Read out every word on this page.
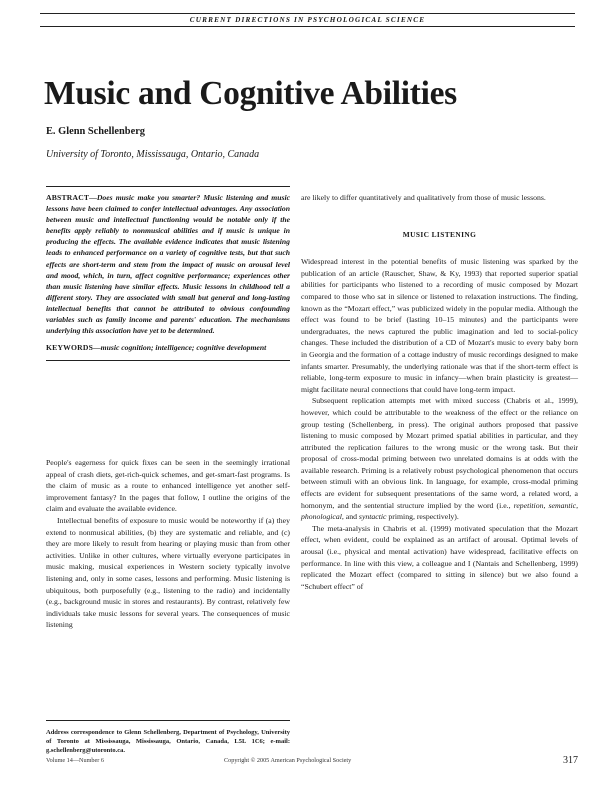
CURRENT DIRECTIONS IN PSYCHOLOGICAL SCIENCE
Music and Cognitive Abilities
E. Glenn Schellenberg
University of Toronto, Mississauga, Ontario, Canada

ABSTRACT—Does music make you smarter? Music listening and music lessons have been claimed to confer intellectual advantages. Any association between music and intellectual functioning would be notable only if the benefits apply reliably to nonmusical abilities and if music is unique in producing the effects. The available evidence indicates that music listening leads to enhanced performance on a variety of cognitive tests, but that such effects are short-term and stem from the impact of music on arousal level and mood, which, in turn, affect cognitive performance; experiences other than music listening have similar effects. Music lessons in childhood tell a different story. They are associated with small but general and long-lasting intellectual benefits that cannot be attributed to obvious confounding variables such as family income and parents' education. The mechanisms underlying this association have yet to be determined.

KEYWORDS—music cognition; intelligence; cognitive development

People's eagerness for quick fixes can be seen in the seemingly irrational appeal of crash diets, get-rich-quick schemes, and get-smart-fast programs. Is the claim of music as a route to enhanced intelligence yet another self-improvement fantasy? In the pages that follow, I outline the origins of the claim and evaluate the available evidence.

Intellectual benefits of exposure to music would be noteworthy if (a) they extend to nonmusical abilities, (b) they are systematic and reliable, and (c) they are more likely to result from hearing or playing music than from other activities. Unlike in other cultures, where virtually everyone participates in music making, musical experiences in Western society typically involve listening and, only in some cases, lessons and performing. Music listening is ubiquitous, both purposefully (e.g., listening to the radio) and incidentally (e.g., background music in stores and restaurants). By contrast, relatively few individuals take music lessons for several years. The consequences of music listening

are likely to differ quantitatively and qualitatively from those of music lessons.

MUSIC LISTENING

Widespread interest in the potential benefits of music listening was sparked by the publication of an article (Rauscher, Shaw, & Ky, 1993) that reported superior spatial abilities for participants who listened to a recording of music composed by Mozart compared to those who sat in silence or listened to relaxation instructions. The finding, known as the “Mozart effect,” was publicized widely in the popular media. Although the effect was found to be brief (lasting 10–15 minutes) and the participants were undergraduates, the news captured the public imagination and led to social-policy changes. These included the distribution of a CD of Mozart's music to every baby born in Georgia and the formation of a cottage industry of music recordings designed to make infants smarter. Presumably, the underlying rationale was that if the short-term effect is reliable, long-term exposure to music in infancy—when brain plasticity is greatest—might facilitate neural connections that could have long-term impact.

Subsequent replication attempts met with mixed success (Chabris et al., 1999), however, which could be attributable to the weakness of the effect or the reliance on group testing (Schellenberg, in press). The original authors proposed that passive listening to music composed by Mozart primed spatial abilities in particular, and they attributed the replication failures to the wrong music or the wrong task. But their proposal of cross-modal priming between two unrelated domains is at odds with the available research. Priming is a relatively robust psychological phenomenon that occurs between stimuli with an obvious link. In language, for example, cross-modal priming effects are evident for subsequent presentations of the same word, a related word, a homonym, and the sentential structure implied by the word (i.e., repetition, semantic, phonological, and syntactic priming, respectively).

The meta-analysis in Chabris et al. (1999) motivated speculation that the Mozart effect, when evident, could be explained as an artifact of arousal. Optimal levels of arousal (i.e., physical and mental activation) have widespread, facilitative effects on performance. In line with this view, a colleague and I (Nantais and Schellenberg, 1999) replicated the Mozart effect (compared to sitting in silence) but we also found a “Schubert effect” of

Address correspondence to Glenn Schellenberg, Department of Psychology, University of Toronto at Mississauga, Mississauga, Ontario, Canada, L5L 1C6; e-mail: g.schellenberg@utoronto.ca.
Volume 14—Number 6	Copyright © 2005 American Psychological Society	317
